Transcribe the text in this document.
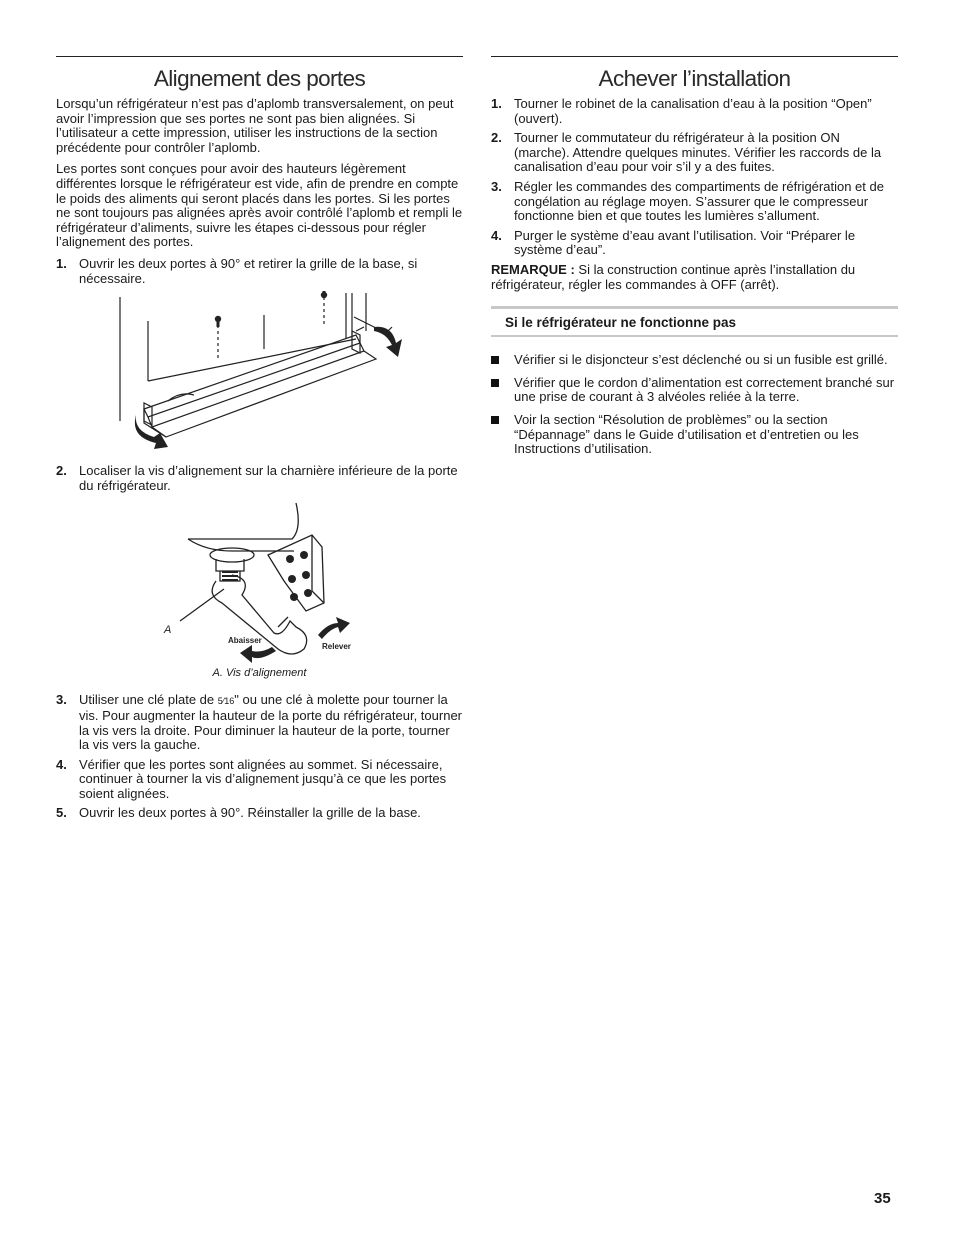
Alignement des portes

Lorsqu’un réfrigérateur n’est pas d’aplomb transversalement, on peut avoir l’impression que ses portes ne sont pas bien alignées. Si l’utilisateur a cette impression, utiliser les instructions de la section précédente pour contrôler l’aplomb.

Les portes sont conçues pour avoir des hauteurs légèrement différentes lorsque le réfrigérateur est vide, afin de prendre en compte le poids des aliments qui seront placés dans les portes. Si les portes ne sont toujours pas alignées après avoir contrôlé l’aplomb et rempli le réfrigérateur d’aliments, suivre les étapes ci-dessous pour régler l’alignement des portes.

1. Ouvrir les deux portes à 90° et retirer la grille de la base, si nécessaire.
2. Localiser la vis d’alignement sur la charnière inférieure de la porte du réfrigérateur.
A
Abaisser
Relever
A. Vis d’alignement
3. Utiliser une clé plate de 5⁄16" ou une clé à molette pour tourner la vis. Pour augmenter la hauteur de la porte du réfrigérateur, tourner la vis vers la droite. Pour diminuer la hauteur de la porte, tourner la vis vers la gauche.
4. Vérifier que les portes sont alignées au sommet. Si nécessaire, continuer à tourner la vis d’alignement jusqu’à ce que les portes soient alignées.
5. Ouvrir les deux portes à 90°. Réinstaller la grille de la base.
Achever l’installation
1. Tourner le robinet de la canalisation d’eau à la position “Open” (ouvert).
2. Tourner le commutateur du réfrigérateur à la position ON (marche). Attendre quelques minutes. Vérifier les raccords de la canalisation d’eau pour voir s’il y a des fuites.
3. Régler les commandes des compartiments de réfrigération et de congélation au réglage moyen. S’assurer que le compresseur fonctionne bien et que toutes les lumières s’allument.
4. Purger le système d’eau avant l’utilisation. Voir “Préparer le système d’eau”.

REMARQUE : Si la construction continue après l’installation du réfrigérateur, régler les commandes à OFF (arrêt).

Si le réfrigérateur ne fonctionne pas
Vérifier si le disjoncteur s’est déclenché ou si un fusible est grillé.
Vérifier que le cordon d’alimentation est correctement branché sur une prise de courant à 3 alvéoles reliée à la terre.
Voir la section “Résolution de problèmes” ou la section “Dépannage” dans le Guide d’utilisation et d’entretien ou les Instructions d’utilisation.
35
